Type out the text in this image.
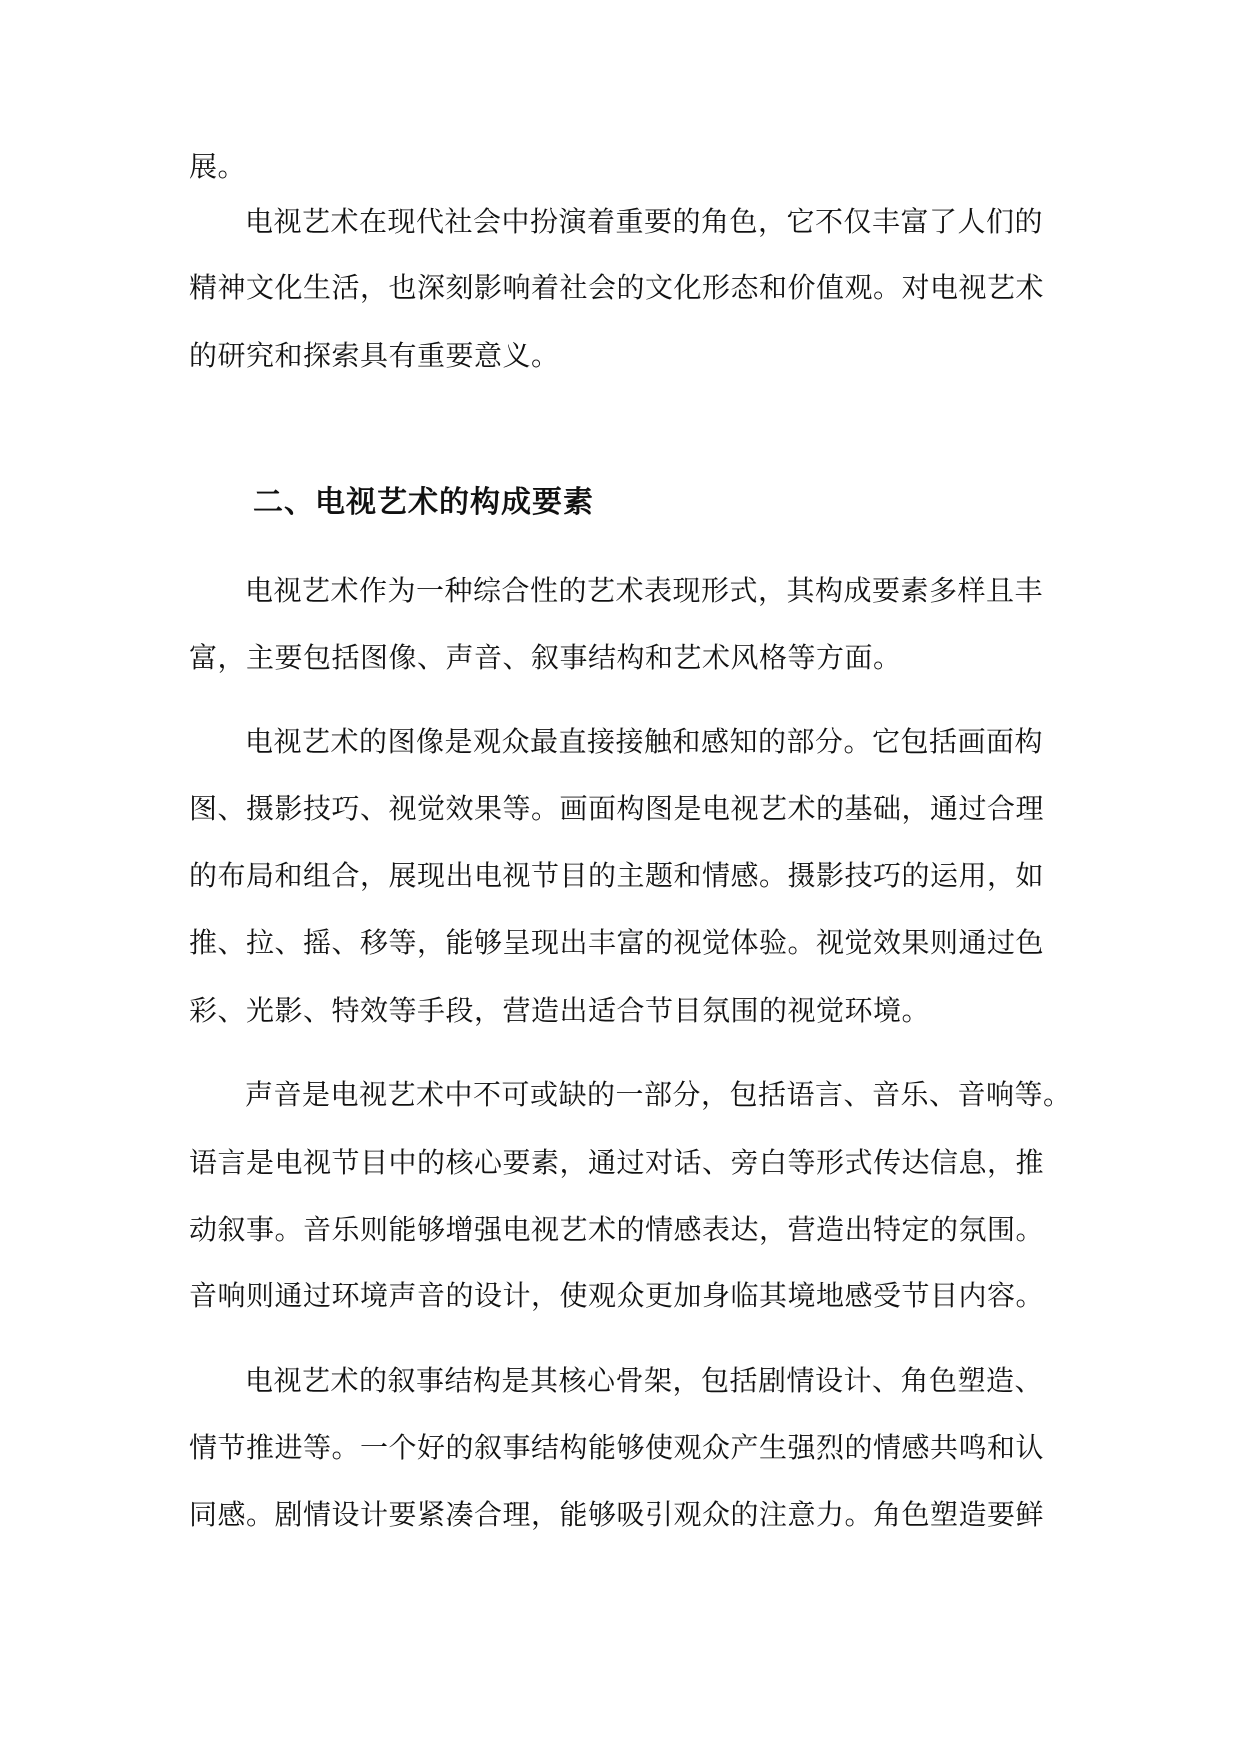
展。
电视艺术在现代社会中扮演着重要的角色，它不仅丰富了人们的
精神文化生活，也深刻影响着社会的文化形态和价值观。对电视艺术
的研究和探索具有重要意义。
二、电视艺术的构成要素
电视艺术作为一种综合性的艺术表现形式，其构成要素多样且丰
富，主要包括图像、声音、叙事结构和艺术风格等方面。
电视艺术的图像是观众最直接接触和感知的部分。它包括画面构
图、摄影技巧、视觉效果等。画面构图是电视艺术的基础，通过合理
的布局和组合，展现出电视节目的主题和情感。摄影技巧的运用，如
推、拉、摇、移等，能够呈现出丰富的视觉体验。视觉效果则通过色
彩、光影、特效等手段，营造出适合节目氛围的视觉环境。
声音是电视艺术中不可或缺的一部分，包括语言、音乐、音响等。
语言是电视节目中的核心要素，通过对话、旁白等形式传达信息，推
动叙事。音乐则能够增强电视艺术的情感表达，营造出特定的氛围。
音响则通过环境声音的设计，使观众更加身临其境地感受节目内容。
电视艺术的叙事结构是其核心骨架，包括剧情设计、角色塑造、
情节推进等。一个好的叙事结构能够使观众产生强烈的情感共鸣和认
同感。剧情设计要紧凑合理，能够吸引观众的注意力。角色塑造要鲜
